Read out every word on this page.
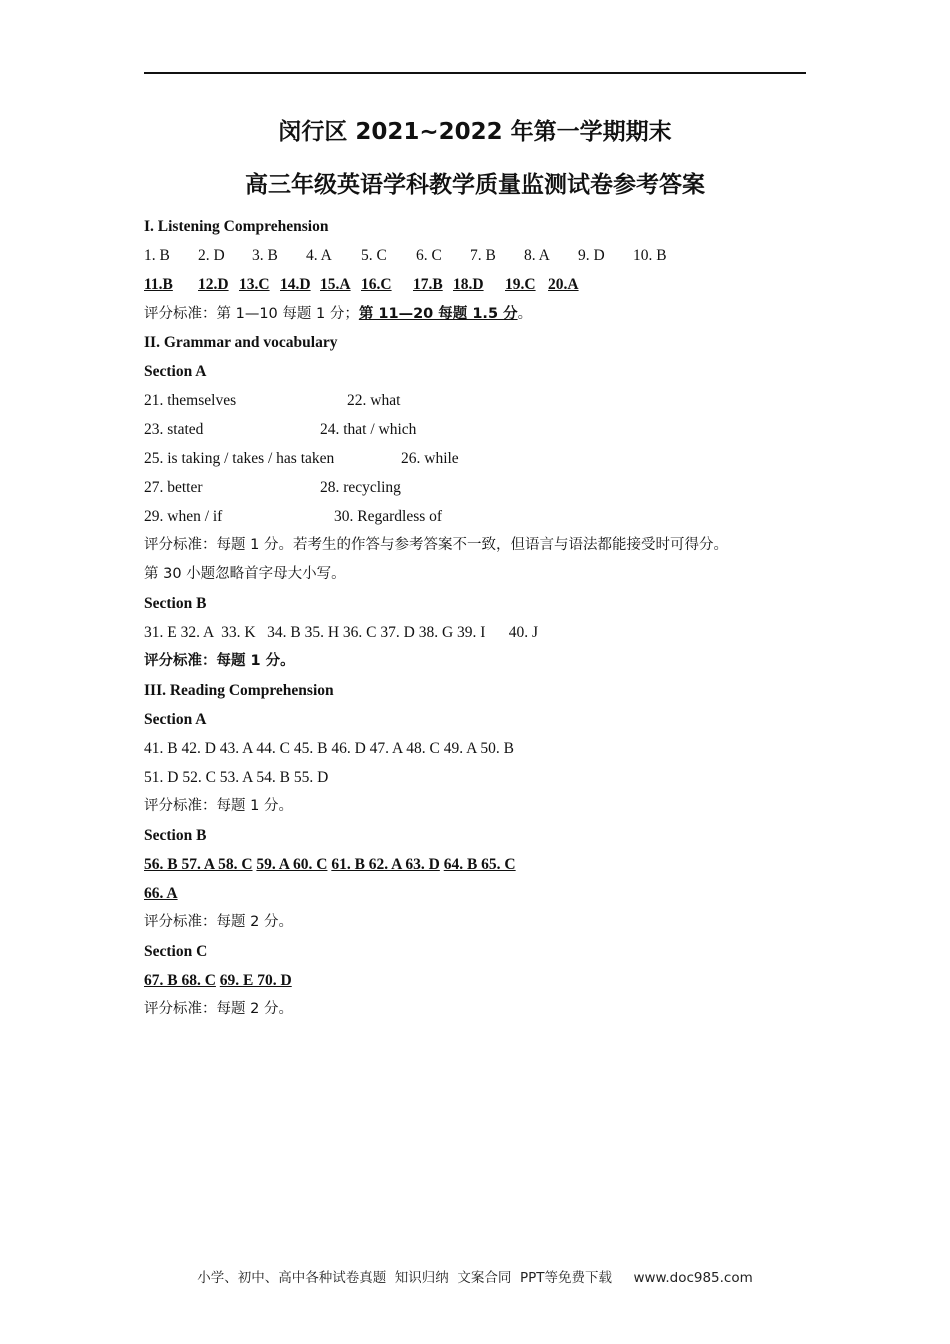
闵行区 2021~2022 年第一学期期末
高三年级英语学科教学质量监测试卷参考答案
I. Listening Comprehension
1. B 2. D 3. B 4. A 5. C 6. C 7. B 8. A 9. D 10. B
11.B 12.D 13.C 14.D 15.A 16.C 17.B 18.D 19.C 20.A
评分标准：第 1—10 每题 1 分；第 11—20 每题 1.5 分。
II. Grammar and vocabulary
Section A
21. themselves	22. what
23. stated	24. that / which
25. is taking / takes / has taken	26. while
27. better	28. recycling
29. when / if	30. Regardless of
评分标准：每题 1 分。若考生的作答与参考答案不一致，但语言与语法都能接受时可得分。
第 30 小题忽略首字母大小写。
Section B
31. E 32. A  33. K   34. B 35. H 36. C 37. D 38. G 39. I      40. J
评分标准：每题 1 分。
III. Reading Comprehension
Section A
41. B 42. D 43. A 44. C 45. B 46. D 47. A 48. C 49. A 50. B
51. D 52. C 53. A 54. B 55. D
评分标准：每题 1 分。
Section B
56. B 57. A 58. C 59. A 60. C 61. B 62. A 63. D 64. B 65. C
66. A
评分标准：每题 2 分。
Section C
67. B 68. C 69. E 70. D
评分标准：每题 2 分。
小学、初中、高中各种试卷真题  知识归纳  文案合同  PPT等免费下载     www.doc985.com
